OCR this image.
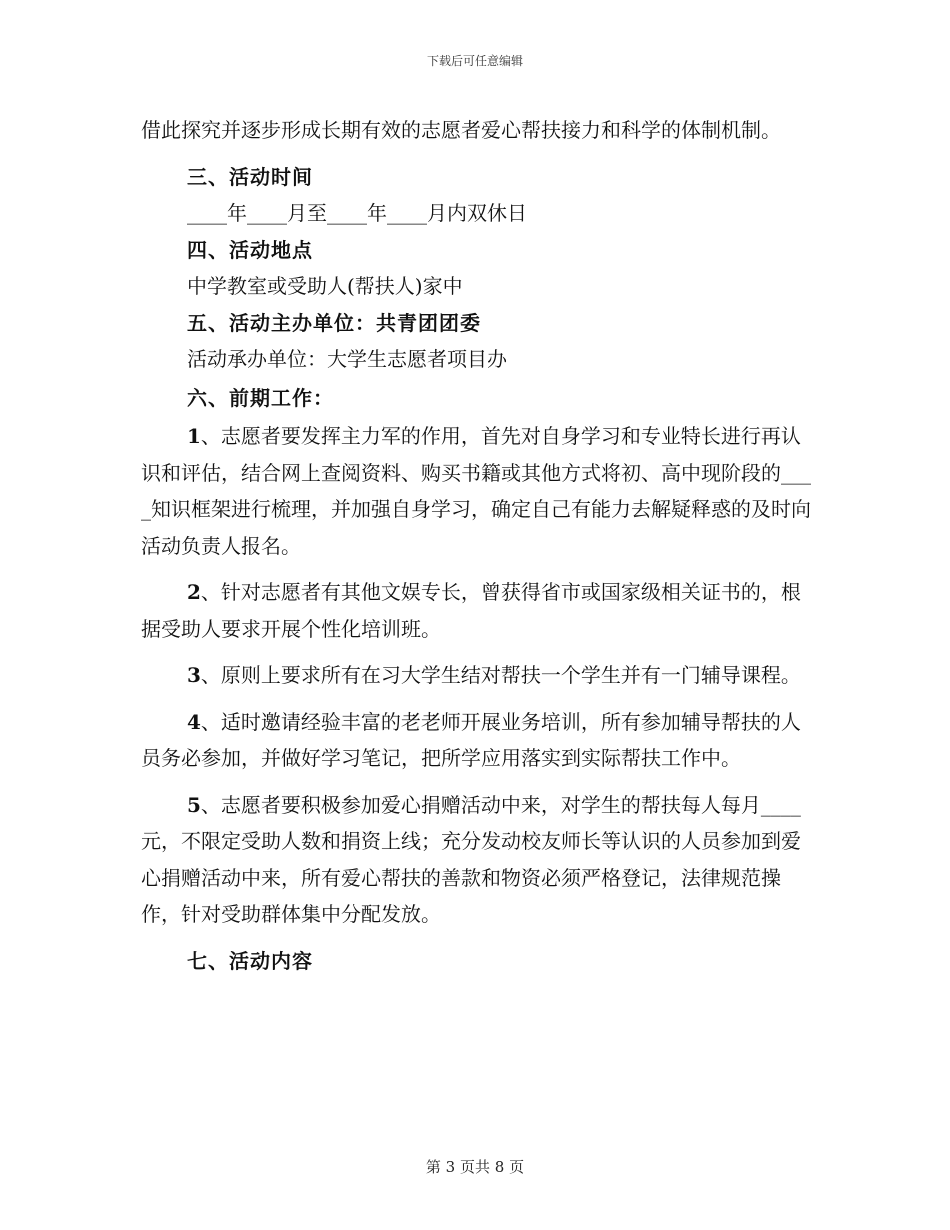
下载后可任意编辑

借此探究并逐步形成长期有效的志愿者爱心帮扶接力和科学的体制机制。

三、活动时间

____年____月至____年____月内双休日

四、活动地点

中学教室或受助人(帮扶人)家中

五、活动主办单位：共青团团委

活动承办单位：大学生志愿者项目办

六、前期工作：

1、志愿者要发挥主力军的作用，首先对自身学习和专业特长进行再认识和评估，结合网上查阅资料、购买书籍或其他方式将初、高中现阶段的____知识框架进行梳理，并加强自身学习，确定自己有能力去解疑释惑的及时向活动负责人报名。

2、针对志愿者有其他文娱专长，曾获得省市或国家级相关证书的，根据受助人要求开展个性化培训班。

3、原则上要求所有在习大学生结对帮扶一个学生并有一门辅导课程。

4、适时邀请经验丰富的老老师开展业务培训，所有参加辅导帮扶的人员务必参加，并做好学习笔记，把所学应用落实到实际帮扶工作中。

5、志愿者要积极参加爱心捐赠活动中来，对学生的帮扶每人每月____元，不限定受助人数和捐资上线；充分发动校友师长等认识的人员参加到爱心捐赠活动中来，所有爱心帮扶的善款和物资必须严格登记，法律规范操作，针对受助群体集中分配发放。

七、活动内容

第 3 页共 8 页
